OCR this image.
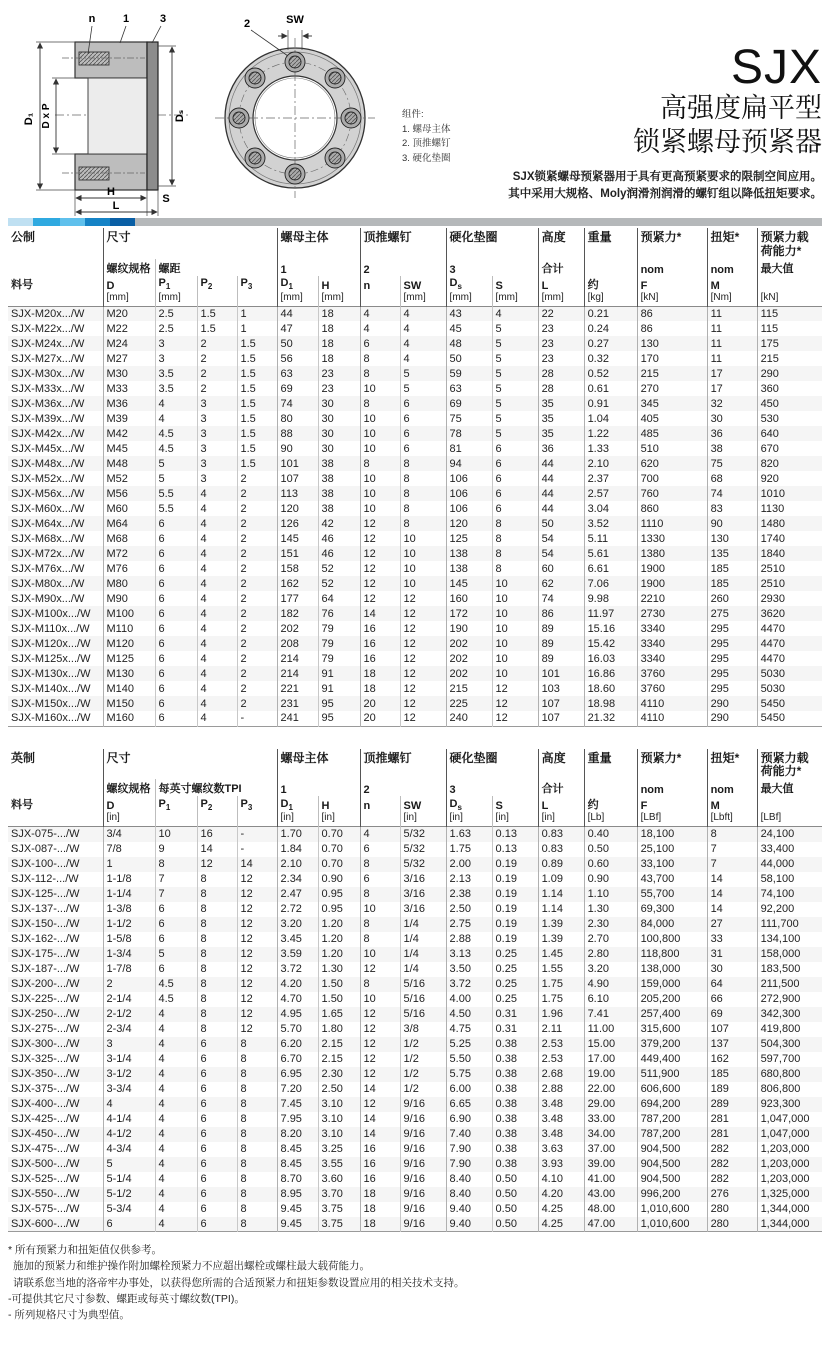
D₁ D x P	Dₛ
H
S
L
n	1	3	SW
2
组件:
1. 螺母主体
2. 顶推螺钉
3. 硬化垫圈
SJX
高强度扁平型
锁紧螺母预紧器
SJX锁紧螺母预紧器用于具有更高预紧要求的限制空间应用。
其中采用大规格、Moly润滑剂润滑的螺钉组以降低扭矩要求。
公制	尺寸				螺母主体		顶推螺钉		硬化垫圈		高度	重量	预紧力*	扭矩*	预紧力载荷能力*
	螺纹规格	螺距			1		2		3		合计		nom	nom	最大值
料号	D	$P_1$	$P_2$	$P_3$	$D_1$	H	n	SW	$D_s$	S	L	约	F	M	
	[mm]	[mm]			[mm]	[mm]		[mm]	[mm]	[mm]	[mm]	[kg]	[kN]	[Nm]	[kN]
SJX-M20x.../W	M20	2.5	1.5	1	44	18	4	4	43	4	22	0.21	86	11	115
SJX-M22x.../W	M22	2.5	1.5	1	47	18	4	4	45	5	23	0.24	86	11	115
SJX-M24x.../W	M24	3	2	1.5	50	18	6	4	48	5	23	0.27	130	11	175
SJX-M27x.../W	M27	3	2	1.5	56	18	8	4	50	5	23	0.32	170	11	215
SJX-M30x.../W	M30	3.5	2	1.5	63	23	8	5	59	5	28	0.52	215	17	290
SJX-M33x.../W	M33	3.5	2	1.5	69	23	10	5	63	5	28	0.61	270	17	360
SJX-M36x.../W	M36	4	3	1.5	74	30	8	6	69	5	35	0.91	345	32	450
SJX-M39x.../W	M39	4	3	1.5	80	30	10	6	75	5	35	1.04	405	30	530
SJX-M42x.../W	M42	4.5	3	1.5	88	30	10	6	78	5	35	1.22	485	36	640
SJX-M45x.../W	M45	4.5	3	1.5	90	30	10	6	81	6	36	1.33	510	38	670
SJX-M48x.../W	M48	5	3	1.5	101	38	8	8	94	6	44	2.10	620	75	820
SJX-M52x.../W	M52	5	3	2	107	38	10	8	106	6	44	2.37	700	68	920
SJX-M56x.../W	M56	5.5	4	2	113	38	10	8	106	6	44	2.57	760	74	1010
SJX-M60x.../W	M60	5.5	4	2	120	38	10	8	106	6	44	3.04	860	83	1130
SJX-M64x.../W	M64	6	4	2	126	42	12	8	120	8	50	3.52	1110	90	1480
SJX-M68x.../W	M68	6	4	2	145	46	12	10	125	8	54	5.11	1330	130	1740
SJX-M72x.../W	M72	6	4	2	151	46	12	10	138	8	54	5.61	1380	135	1840
SJX-M76x.../W	M76	6	4	2	158	52	12	10	138	8	60	6.61	1900	185	2510
SJX-M80x.../W	M80	6	4	2	162	52	12	10	145	10	62	7.06	1900	185	2510
SJX-M90x.../W	M90	6	4	2	177	64	12	12	160	10	74	9.98	2210	260	2930
SJX-M100x.../W	M100	6	4	2	182	76	14	12	172	10	86	11.97	2730	275	3620
SJX-M110x.../W	M110	6	4	2	202	79	16	12	190	10	89	15.16	3340	295	4470
SJX-M120x.../W	M120	6	4	2	208	79	16	12	202	10	89	15.42	3340	295	4470
SJX-M125x.../W	M125	6	4	2	214	79	16	12	202	10	89	16.03	3340	295	4470
SJX-M130x.../W	M130	6	4	2	214	91	18	12	202	10	101	16.86	3760	295	5030
SJX-M140x.../W	M140	6	4	2	221	91	18	12	215	12	103	18.60	3760	295	5030
SJX-M150x.../W	M150	6	4	2	231	95	20	12	225	12	107	18.98	4110	290	5450
SJX-M160x.../W	M160	6	4	-	241	95	20	12	240	12	107	21.32	4110	290	5450
英制	尺寸				螺母主体		顶推螺钉		硬化垫圈		高度	重量	预紧力*	扭矩*	预紧力载荷能力*
	螺纹规格	每英寸螺纹数TPI			1		2		3		合计		nom	nom	最大值
料号	D	$P_1$	$P_2$	$P_3$	$D_1$	H	n	SW	$D_s$	S	L	约	F	M	
	[in]				[in]	[in]		[in]	[in]	[in]	[in]	[Lb]	[LBf]	[Lbft]	[LBf]
SJX-075-.../W	3/4	10	16	-	1.70	0.70	4	5/32	1.63	0.13	0.83	0.40	18,100	8	24,100
SJX-087-.../W	7/8	9	14	-	1.84	0.70	6	5/32	1.75	0.13	0.83	0.50	25,100	7	33,400
SJX-100-.../W	1	8	12	14	2.10	0.70	8	5/32	2.00	0.19	0.89	0.60	33,100	7	44,000
SJX-112-.../W	1-1/8	7	8	12	2.34	0.90	6	3/16	2.13	0.19	1.09	0.90	43,700	14	58,100
SJX-125-.../W	1-1/4	7	8	12	2.47	0.95	8	3/16	2.38	0.19	1.14	1.10	55,700	14	74,100
SJX-137-.../W	1-3/8	6	8	12	2.72	0.95	10	3/16	2.50	0.19	1.14	1.30	69,300	14	92,200
SJX-150-.../W	1-1/2	6	8	12	3.20	1.20	8	1/4	2.75	0.19	1.39	2.30	84,000	27	111,700
SJX-162-.../W	1-5/8	6	8	12	3.45	1.20	8	1/4	2.88	0.19	1.39	2.70	100,800	33	134,100
SJX-175-.../W	1-3/4	5	8	12	3.59	1.20	10	1/4	3.13	0.25	1.45	2.80	118,800	31	158,000
SJX-187-.../W	1-7/8	6	8	12	3.72	1.30	12	1/4	3.50	0.25	1.55	3.20	138,000	30	183,500
SJX-200-.../W	2	4.5	8	12	4.20	1.50	8	5/16	3.72	0.25	1.75	4.90	159,000	64	211,500
SJX-225-.../W	2-1/4	4.5	8	12	4.70	1.50	10	5/16	4.00	0.25	1.75	6.10	205,200	66	272,900
SJX-250-.../W	2-1/2	4	8	12	4.95	1.65	12	5/16	4.50	0.31	1.96	7.41	257,400	69	342,300
SJX-275-.../W	2-3/4	4	8	12	5.70	1.80	12	3/8	4.75	0.31	2.11	11.00	315,600	107	419,800
SJX-300-.../W	3	4	6	8	6.20	2.15	12	1/2	5.25	0.38	2.53	15.00	379,200	137	504,300
SJX-325-.../W	3-1/4	4	6	8	6.70	2.15	12	1/2	5.50	0.38	2.53	17.00	449,400	162	597,700
SJX-350-.../W	3-1/2	4	6	8	6.95	2.30	12	1/2	5.75	0.38	2.68	19.00	511,900	185	680,800
SJX-375-.../W	3-3/4	4	6	8	7.20	2.50	14	1/2	6.00	0.38	2.88	22.00	606,600	189	806,800
SJX-400-.../W	4	4	6	8	7.45	3.10	12	9/16	6.65	0.38	3.48	29.00	694,200	289	923,300
SJX-425-.../W	4-1/4	4	6	8	7.95	3.10	14	9/16	6.90	0.38	3.48	33.00	787,200	281	1,047,000
SJX-450-.../W	4-1/2	4	6	8	8.20	3.10	14	9/16	7.40	0.38	3.48	34.00	787,200	281	1,047,000
SJX-475-.../W	4-3/4	4	6	8	8.45	3.25	16	9/16	7.90	0.38	3.63	37.00	904,500	282	1,203,000
SJX-500-.../W	5	4	6	8	8.45	3.55	16	9/16	7.90	0.38	3.93	39.00	904,500	282	1,203,000
SJX-525-.../W	5-1/4	4	6	8	8.70	3.60	16	9/16	8.40	0.50	4.10	41.00	904,500	282	1,203,000
SJX-550-.../W	5-1/2	4	6	8	8.95	3.70	18	9/16	8.40	0.50	4.20	43.00	996,200	276	1,325,000
SJX-575-.../W	5-3/4	4	6	8	9.45	3.75	18	9/16	9.40	0.50	4.25	48.00	1,010,600	280	1,344,000
SJX-600-.../W	6	4	6	8	9.45	3.75	18	9/16	9.40	0.50	4.25	47.00	1,010,600	280	1,344,000
* 所有预紧力和扭矩值仅供参考。
施加的预紧力和维护操作附加螺栓预紧力不应超出螺栓或螺柱最大载荷能力。
请联系您当地的洛帝牢办事处，以获得您所需的合适预紧力和扭矩参数设置应用的相关技术支持。
-可提供其它尺寸参数、螺距或每英寸螺纹数(TPI)。
- 所列规格尺寸为典型值。
